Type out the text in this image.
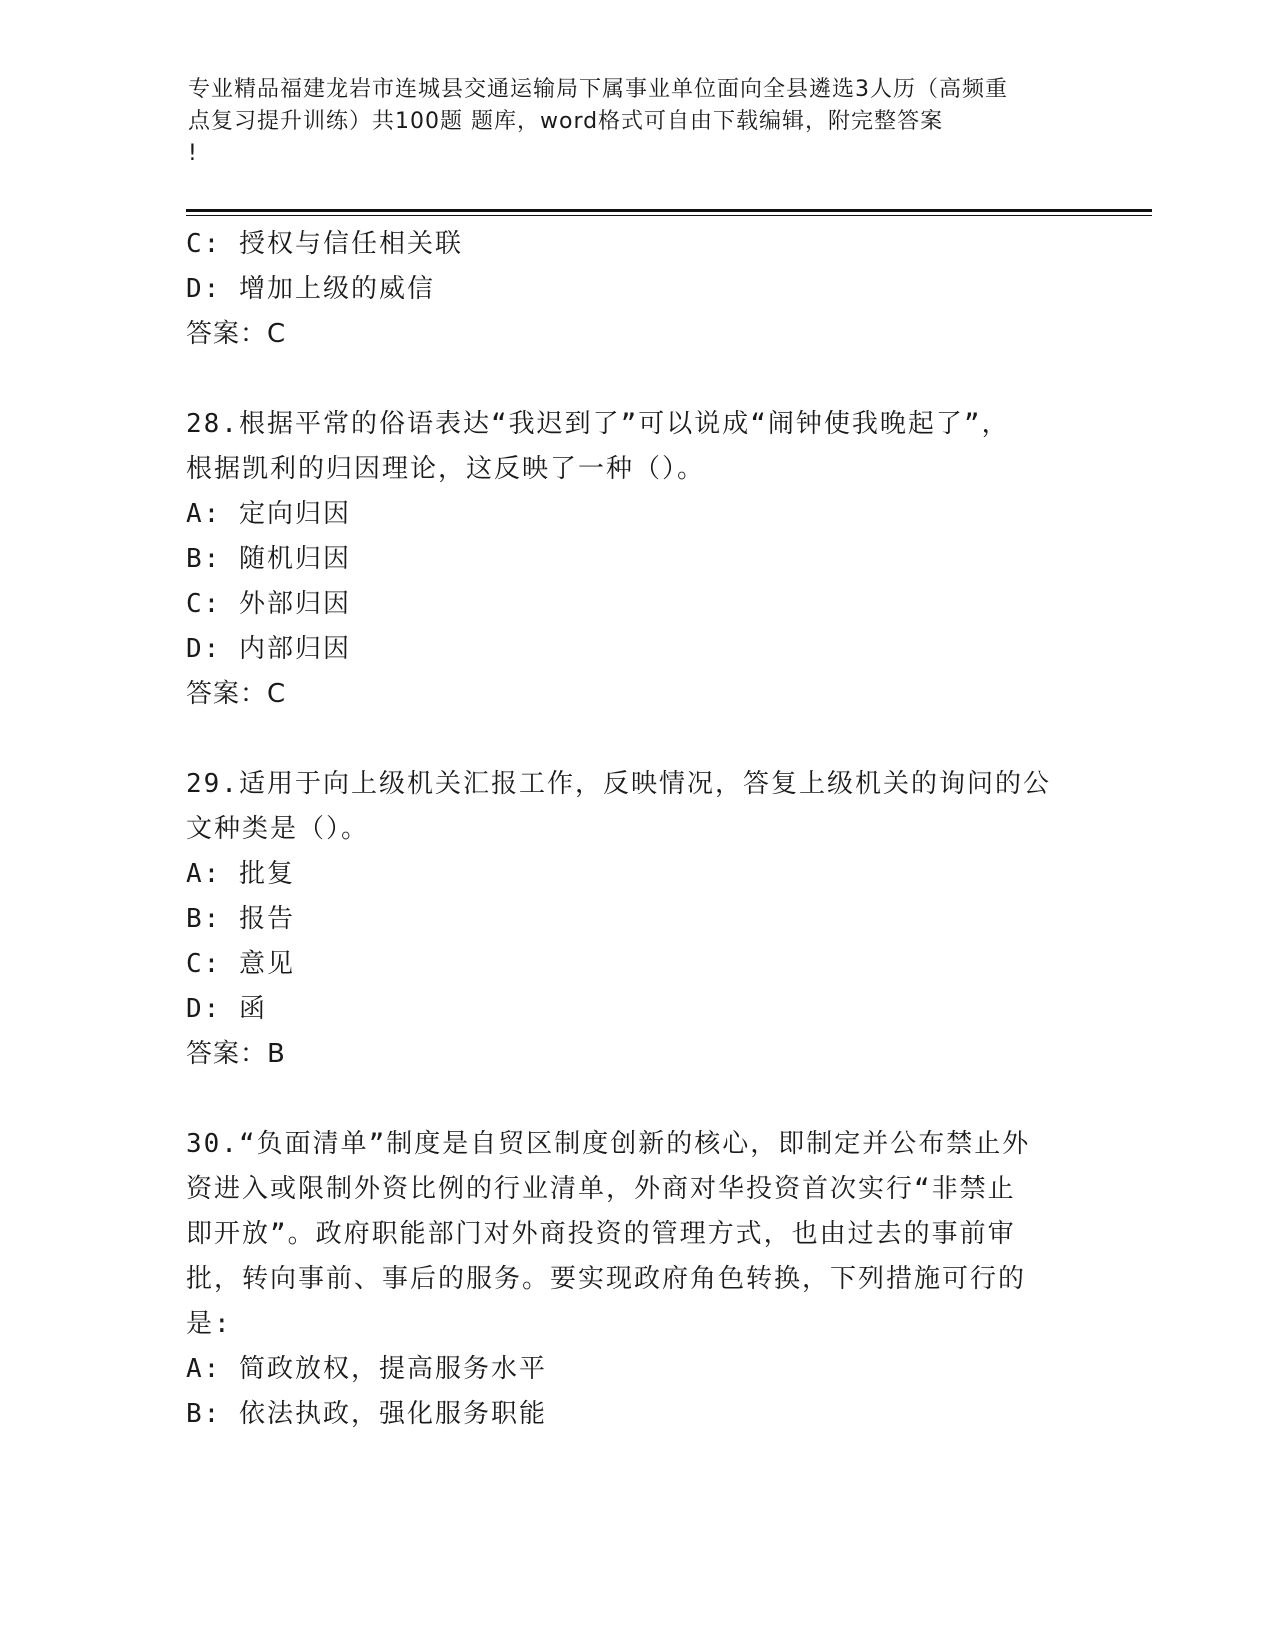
专业精品福建龙岩市连城县交通运输局下属事业单位面向全县遴选3人历（高频重
点复习提升训练）共100题 题库，word格式可自由下载编辑，附完整答案
!

C: 授权与信任相关联

D: 增加上级的威信

答案：C

28.根据平常的俗语表达“我迟到了”可以说成“闹钟使我晚起了”，

根据凯利的归因理论，这反映了一种（）。

A: 定向归因

B: 随机归因

C: 外部归因

D: 内部归因

答案：C

29.适用于向上级机关汇报工作，反映情况，答复上级机关的询问的公

文种类是（）。

A: 批复

B: 报告

C: 意见

D: 函

答案：B

30.“负面清单”制度是自贸区制度创新的核心，即制定并公布禁止外

资进入或限制外资比例的行业清单，外商对华投资首次实行“非禁止

即开放”。政府职能部门对外商投资的管理方式，也由过去的事前审

批，转向事前、事后的服务。要实现政府角色转换，下列措施可行的

是:

A: 简政放权，提高服务水平

B: 依法执政，强化服务职能
